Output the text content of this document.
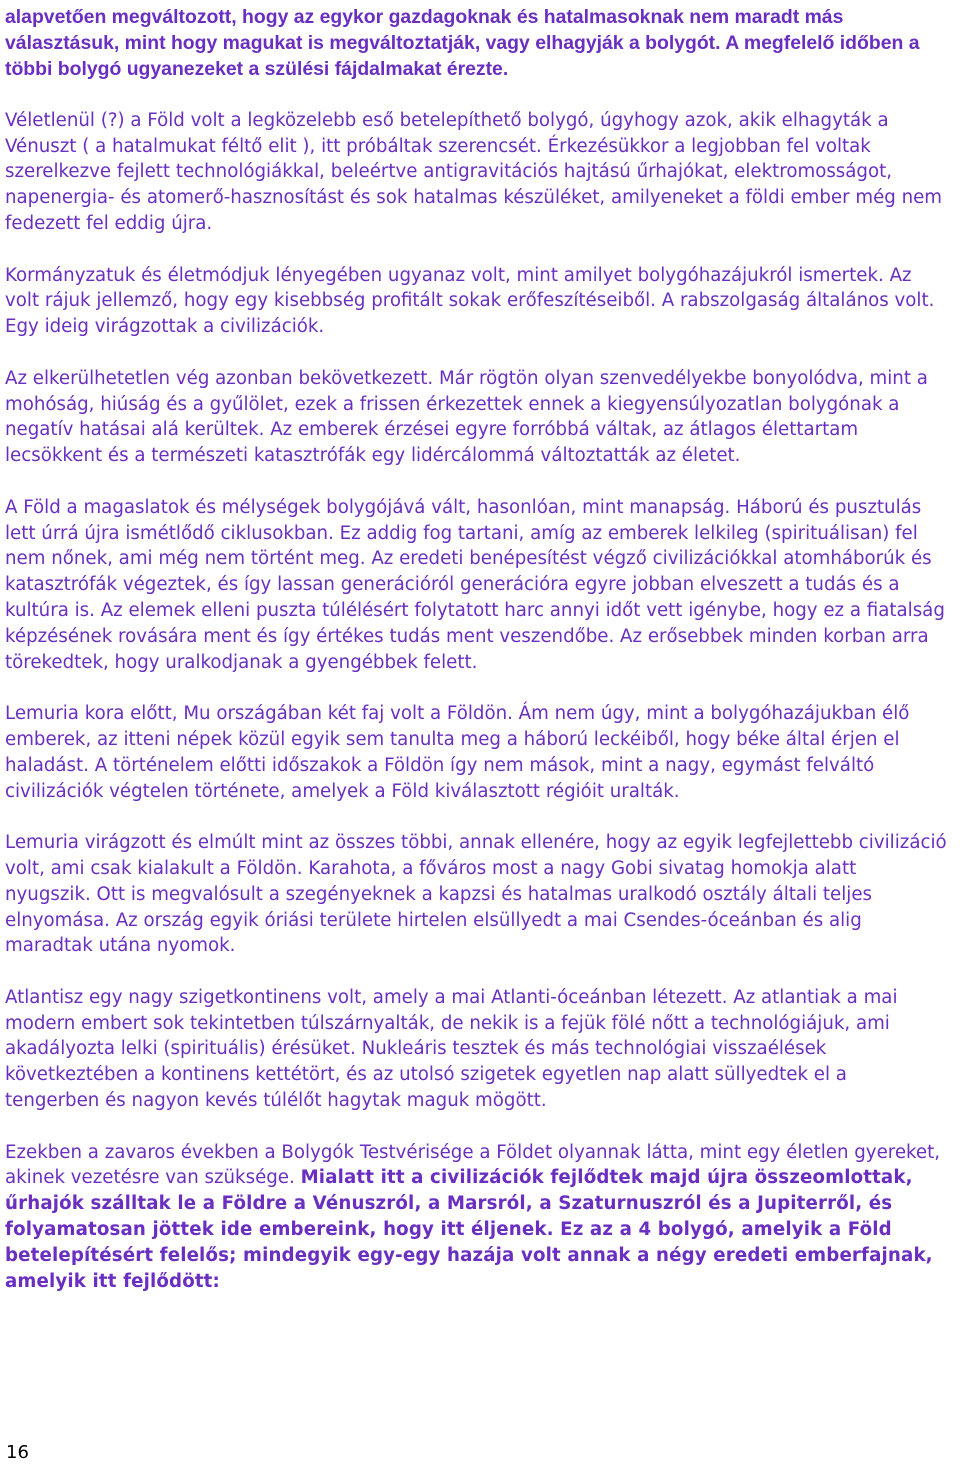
alapvetően megváltozott, hogy az egykor gazdagoknak és hatalmasoknak nem maradt más választásuk, mint hogy magukat is megváltoztatják, vagy elhagyják a bolygót. A megfelelő időben a többi bolygó ugyanezeket a szülési fájdalmakat érezte.
Véletlenül (?) a Föld volt a legközelebb eső betelepíthető bolygó, úgyhogy azok, akik elhagyták a Vénuszt ( a hatalmukat féltő elit ), itt próbáltak szerencsét. Érkezésükkor a legjobban fel voltak szerelkezve fejlett technológiákkal, beleértve antigravitációs hajtású űrhajókat, elektromosságot, napenergia- és atomerő-hasznosítást és sok hatalmas készüléket, amilyeneket a földi ember még nem fedezett fel eddig újra.
Kormányzatuk és életmódjuk lényegében ugyanaz volt, mint amilyet bolygóhazájukról ismertek. Az volt rájuk jellemző, hogy egy kisebbség profitált sokak erőfeszítéseiből. A rabszolgaság általános volt. Egy ideig virágzottak a civilizációk.
Az elkerülhetetlen vég azonban bekövetkezett. Már rögtön olyan szenvedélyekbe bonyolódva, mint a mohóság, hiúság és a gyűlölet, ezek a frissen érkezettek ennek a kiegyensúlyozatlan bolygónak a negatív hatásai alá kerültek. Az emberek érzései egyre forróbbá váltak, az átlagos élettartam lecsökkent és a természeti katasztrófák egy lidércálommá változtatták az életet.
A Föld a magaslatok és mélységek bolygójává vált, hasonlóan, mint manapság. Háború és pusztulás lett úrrá újra ismétlődő ciklusokban. Ez addig fog tartani, amíg az emberek lelkileg (spirituálisan) fel nem nőnek, ami még nem történt meg. Az eredeti benépesítést végző civilizációkkal atomháborúk és katasztrófák végeztek, és így lassan generációról generációra egyre jobban elveszett a tudás és a kultúra is. Az elemek elleni puszta túlélésért folytatott harc annyi időt vett igénybe, hogy ez a fiatalság képzésének rovására ment és így értékes tudás ment veszendőbe. Az erősebbek minden korban arra törekedtek, hogy uralkodjanak a gyengébbek felett.
Lemuria kora előtt, Mu országában két faj volt a Földön. Ám nem úgy, mint a bolygóhazájukban élő emberek, az itteni népek közül egyik sem tanulta meg a háború leckéiből, hogy béke által érjen el haladást. A történelem előtti időszakok a Földön így nem mások, mint a nagy, egymást felváltó civilizációk végtelen története, amelyek a Föld kiválasztott régióit uralták.
Lemuria virágzott és elmúlt mint az összes többi, annak ellenére, hogy az egyik legfejlettebb civilizáció volt, ami csak kialakult a Földön. Karahota, a főváros most a nagy Gobi sivatag homokja alatt nyugszik. Ott is megvalósult a szegényeknek a kapzsi és hatalmas uralkodó osztály általi teljes elnyomása. Az ország egyik óriási területe hirtelen elsüllyedt a mai Csendes-óceánban és alig maradtak utána nyomok.
Atlantisz egy nagy szigetkontinens volt, amely a mai Atlanti-óceánban létezett. Az atlantiak a mai modern embert sok tekintetben túlszárnyalták, de nekik is a fejük fölé nőtt a technológiájuk, ami akadályozta lelki (spirituális) érésüket. Nukleáris tesztek és más technológiai visszaélések következtében a kontinens kettétört, és az utolsó szigetek egyetlen nap alatt süllyedtek el a tengerben és nagyon kevés túlélőt hagytak maguk mögött.
Ezekben a zavaros években a Bolygók Testvérisége a Földet olyannak látta, mint egy életlen gyereket, akinek vezetésre van szüksége. Mialatt itt a civilizációk fejlődtek majd újra összeomlottak, űrhajók szálltak le a Földre a Vénuszról, a Marsról, a Szaturnuszról és a Jupiterről, és folyamatosan jöttek ide embereink, hogy itt éljenek. Ez az a 4 bolygó, amelyik a Föld betelepítésért felelős; mindegyik egy-egy hazája volt annak a négy eredeti emberfajnak, amelyik itt fejlődött:
16
